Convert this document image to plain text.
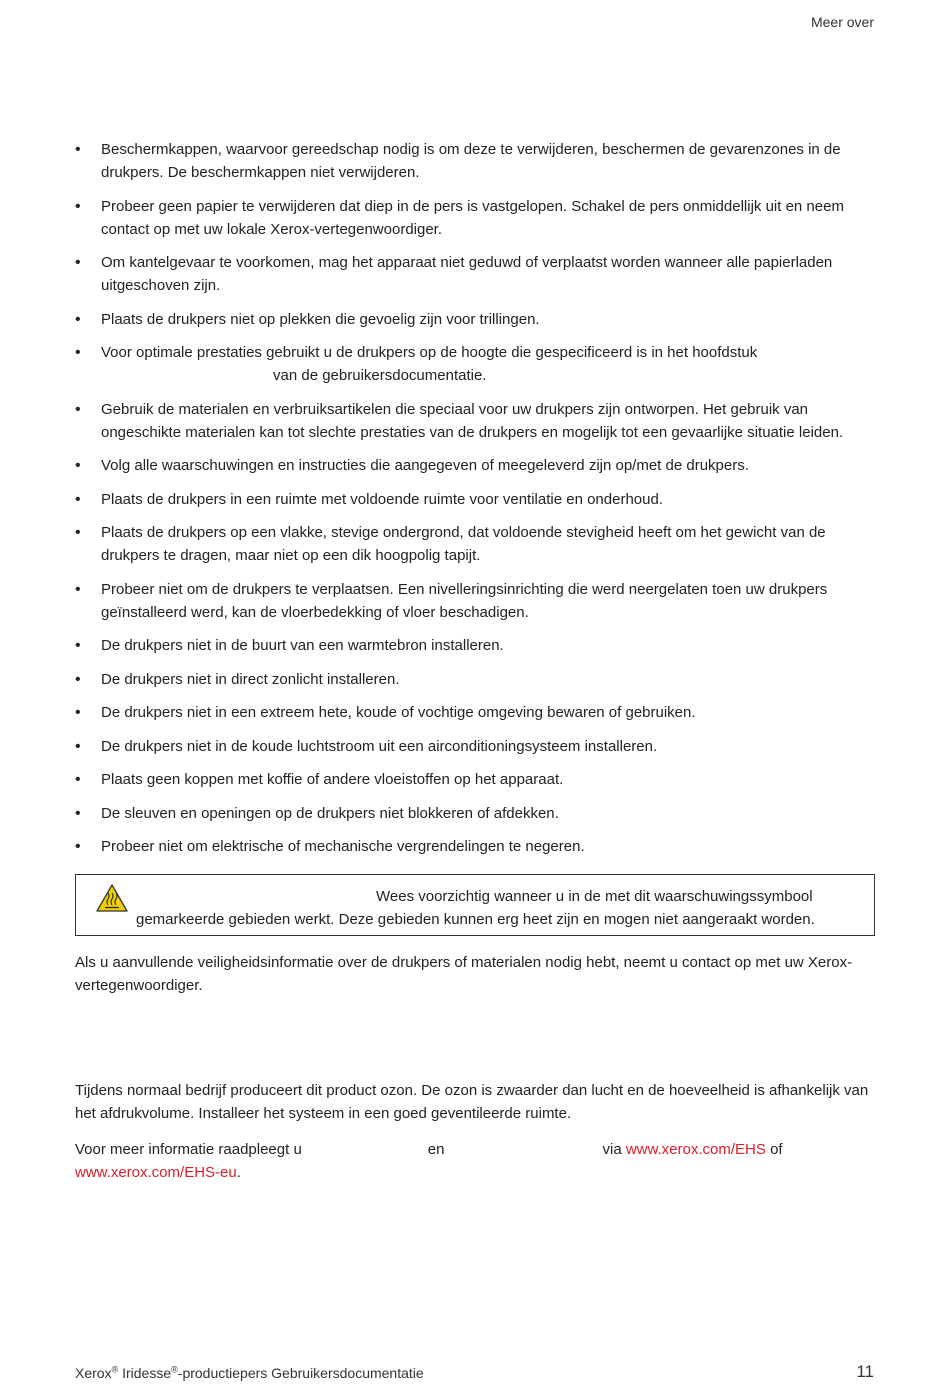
Meer over
• Beschermkappen, waarvoor gereedschap nodig is om deze te verwijderen, beschermen de gevarenzones in de drukpers. De beschermkappen niet verwijderen.
• Probeer geen papier te verwijderen dat diep in de pers is vastgelopen. Schakel de pers onmiddellijk uit en neem contact op met uw lokale Xerox-vertegenwoordiger.
• Om kantelgevaar te voorkomen, mag het apparaat niet geduwd of verplaatst worden wanneer alle papierladen uitgeschoven zijn.
• Plaats de drukpers niet op plekken die gevoelig zijn voor trillingen.
• Voor optimale prestaties gebruikt u de drukpers op de hoogte die gespecificeerd is in het hoofdstuk
van de gebruikersdocumentatie.
• Gebruik de materialen en verbruiksartikelen die speciaal voor uw drukpers zijn ontworpen. Het gebruik van ongeschikte materialen kan tot slechte prestaties van de drukpers en mogelijk tot een gevaarlijke situatie leiden.
• Volg alle waarschuwingen en instructies die aangegeven of meegeleverd zijn op/met de drukpers.
• Plaats de drukpers in een ruimte met voldoende ruimte voor ventilatie en onderhoud.
• Plaats de drukpers op een vlakke, stevige ondergrond, dat voldoende stevigheid heeft om het gewicht van de drukpers te dragen, maar niet op een dik hoogpolig tapijt.
• Probeer niet om de drukpers te verplaatsen. Een nivelleringsinrichting die werd neergelaten toen uw drukpers geïnstalleerd werd, kan de vloerbedekking of vloer beschadigen.
• De drukpers niet in de buurt van een warmtebron installeren.
• De drukpers niet in direct zonlicht installeren.
• De drukpers niet in een extreem hete, koude of vochtige omgeving bewaren of gebruiken.
• De drukpers niet in de koude luchtstroom uit een airconditioningsysteem installeren.
• Plaats geen koppen met koffie of andere vloeistoffen op het apparaat.
• De sleuven en openingen op de drukpers niet blokkeren of afdekken.
• Probeer niet om elektrische of mechanische vergrendelingen te negeren.
Wees voorzichtig wanneer u in de met dit waarschuwingssymbool
gemarkeerde gebieden werkt. Deze gebieden kunnen erg heet zijn en mogen niet aangeraakt worden.

Als u aanvullende veiligheidsinformatie over de drukpers of materialen nodig hebt, neemt u contact op met uw Xerox-vertegenwoordiger.

Tijdens normaal bedrijf produceert dit product ozon. De ozon is zwaarder dan lucht en de hoeveelheid is afhankelijk van het afdrukvolume. Installeer het systeem in een goed geventileerde ruimte.

Voor meer informatie raadpleegt u	en	via www.xerox.com/EHS of www.xerox.com/EHS-eu.

Xerox® Iridesse®-productiepers Gebruikersdocumentatie	11
